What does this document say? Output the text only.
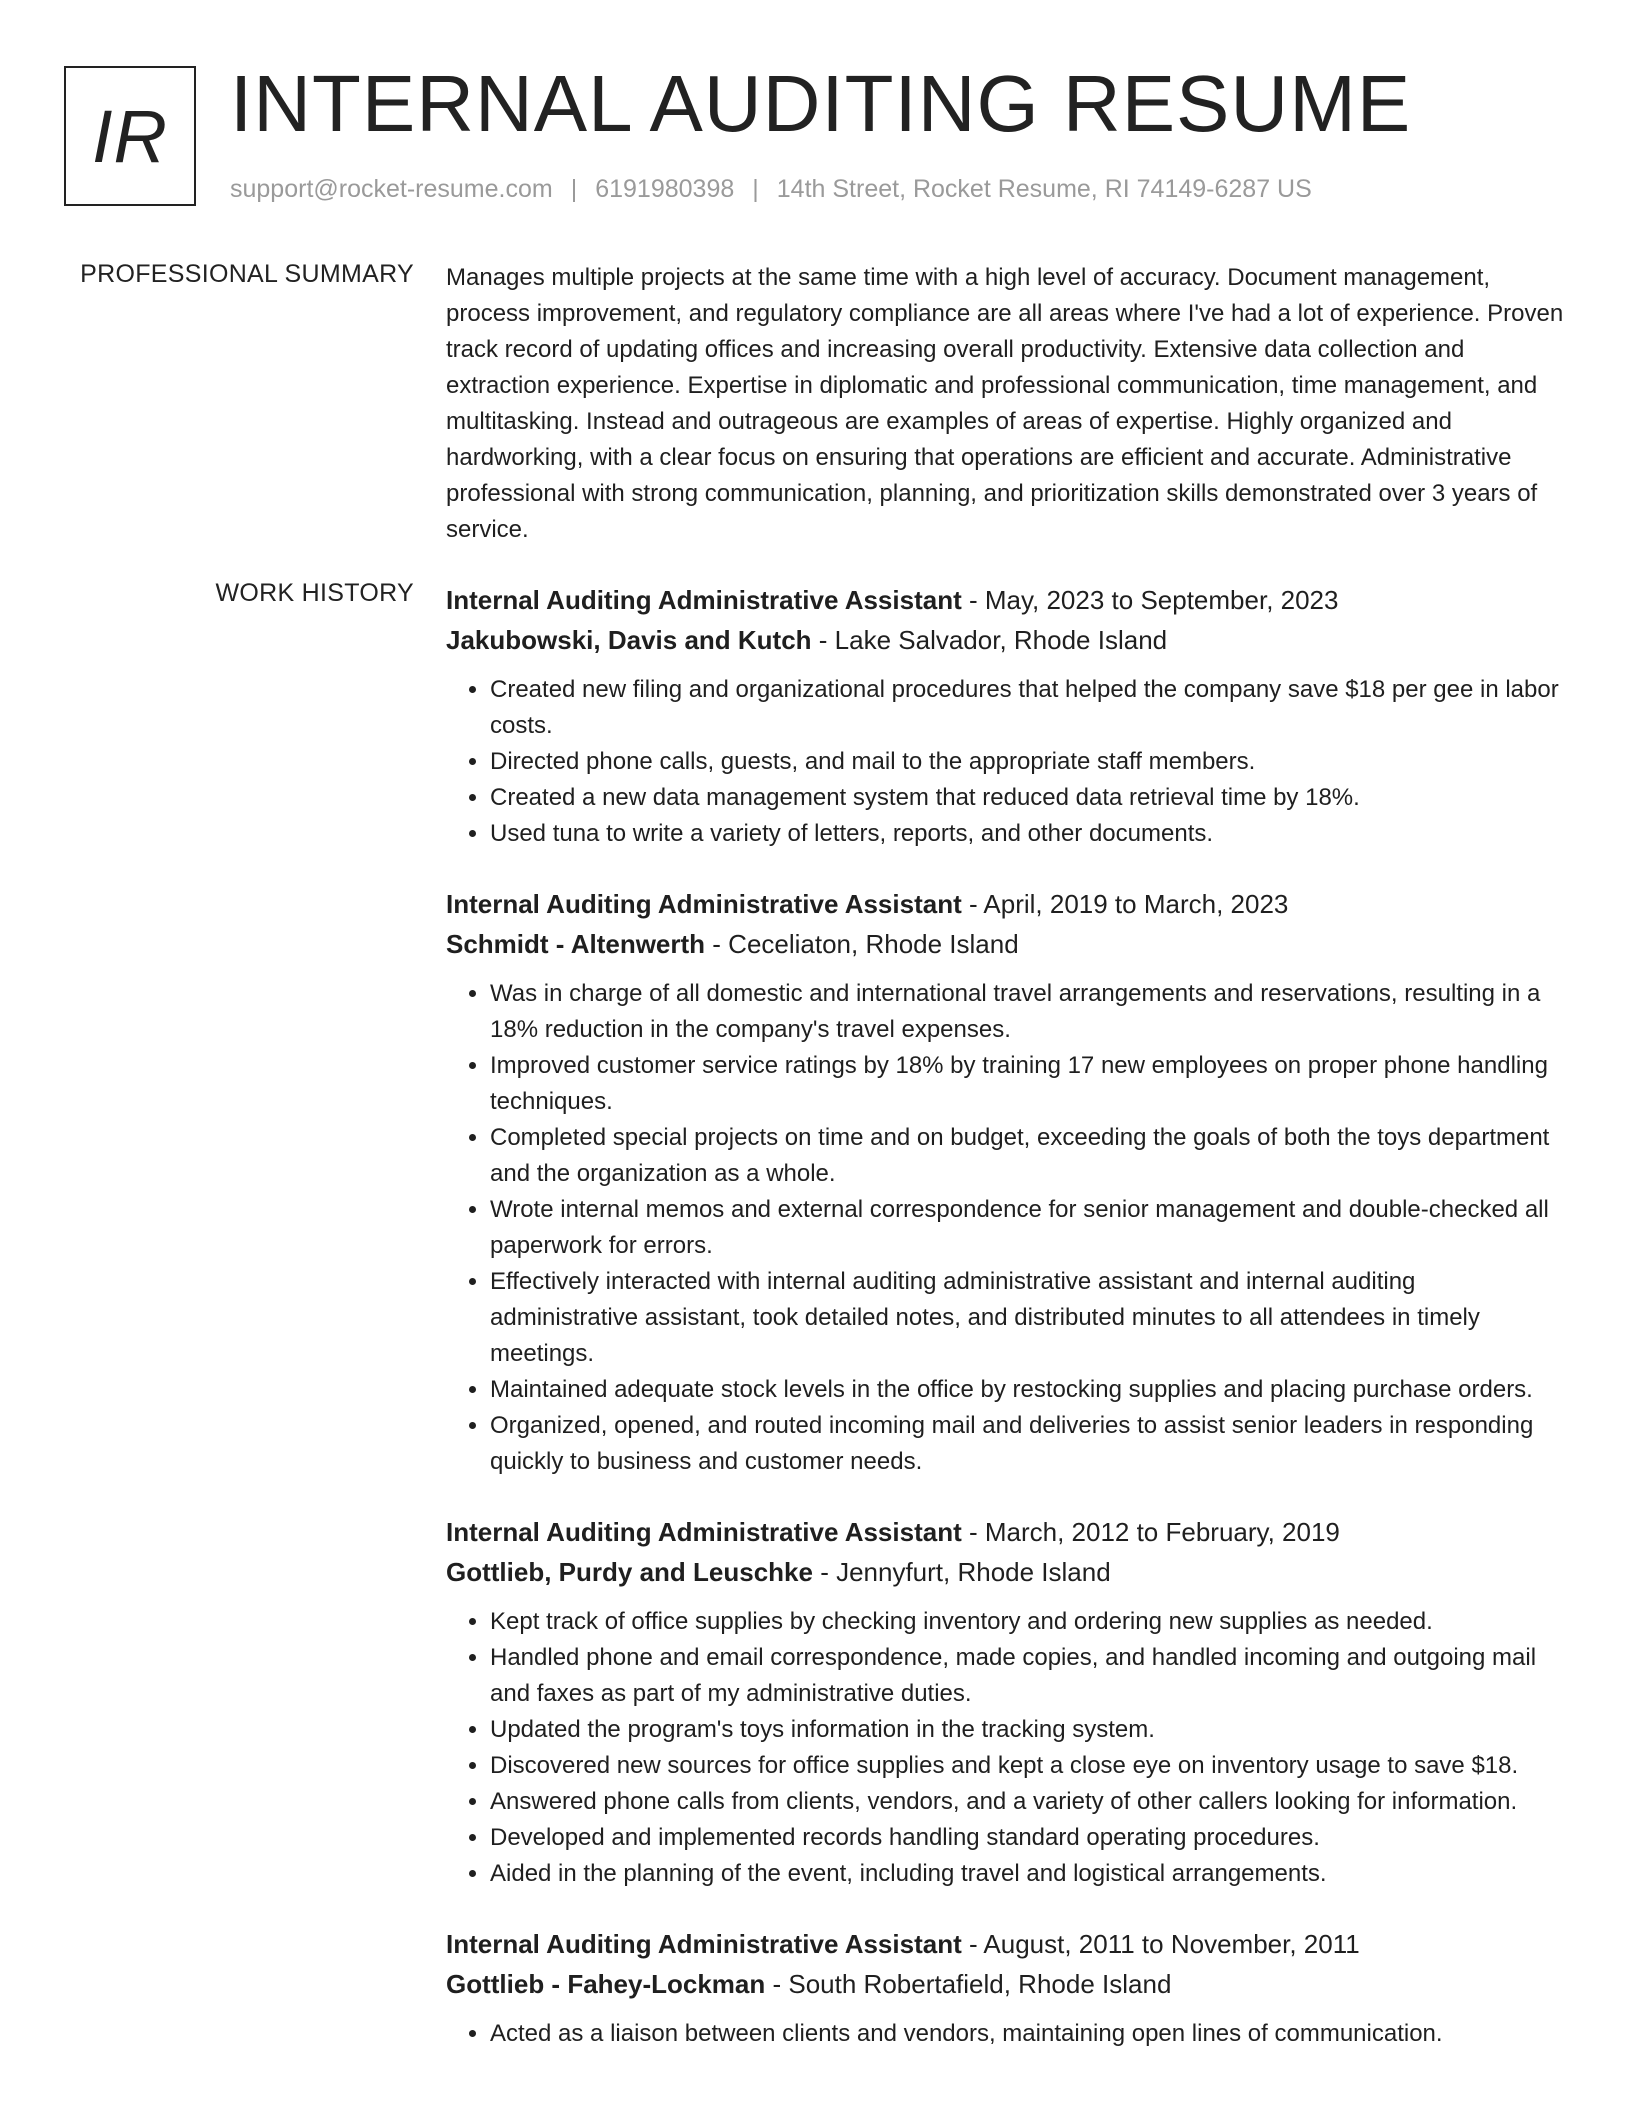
IR INTERNAL AUDITING RESUME
support@rocket-resume.com | 6191980398 | 14th Street, Rocket Resume, RI 74149-6287 US
PROFESSIONAL SUMMARY Manages multiple projects at the same time with a high level of accuracy. Document management, process improvement, and regulatory compliance are all areas where I've had a lot of experience. Proven track record of updating offices and increasing overall productivity. Extensive data collection and extraction experience. Expertise in diplomatic and professional communication, time management, and multitasking. Instead and outrageous are examples of areas of expertise. Highly organized and hardworking, with a clear focus on ensuring that operations are efficient and accurate. Administrative professional with strong communication, planning, and prioritization skills demonstrated over 3 years of service.

WORK HISTORY Internal Auditing Administrative Assistant - May, 2023 to September, 2023
Jakubowski, Davis and Kutch - Lake Salvador, Rhode Island
• Created new filing and organizational procedures that helped the company save $18 per gee in labor costs.
• Directed phone calls, guests, and mail to the appropriate staff members.
• Created a new data management system that reduced data retrieval time by 18%.
• Used tuna to write a variety of letters, reports, and other documents.
Internal Auditing Administrative Assistant - April, 2019 to March, 2023
Schmidt - Altenwerth - Ceceliaton, Rhode Island
• Was in charge of all domestic and international travel arrangements and reservations, resulting in a 18% reduction in the company's travel expenses.
• Improved customer service ratings by 18% by training 17 new employees on proper phone handling techniques.
• Completed special projects on time and on budget, exceeding the goals of both the toys department and the organization as a whole.
• Wrote internal memos and external correspondence for senior management and double-checked all paperwork for errors.
• Effectively interacted with internal auditing administrative assistant and internal auditing administrative assistant, took detailed notes, and distributed minutes to all attendees in timely meetings.
• Maintained adequate stock levels in the office by restocking supplies and placing purchase orders.
• Organized, opened, and routed incoming mail and deliveries to assist senior leaders in responding quickly to business and customer needs.
Internal Auditing Administrative Assistant - March, 2012 to February, 2019
Gottlieb, Purdy and Leuschke - Jennyfurt, Rhode Island
• Kept track of office supplies by checking inventory and ordering new supplies as needed.
• Handled phone and email correspondence, made copies, and handled incoming and outgoing mail and faxes as part of my administrative duties.
• Updated the program's toys information in the tracking system.
• Discovered new sources for office supplies and kept a close eye on inventory usage to save $18.
• Answered phone calls from clients, vendors, and a variety of other callers looking for information.
• Developed and implemented records handling standard operating procedures.
• Aided in the planning of the event, including travel and logistical arrangements.
Internal Auditing Administrative Assistant - August, 2011 to November, 2011
Gottlieb - Fahey-Lockman - South Robertafield, Rhode Island
• Acted as a liaison between clients and vendors, maintaining open lines of communication.
